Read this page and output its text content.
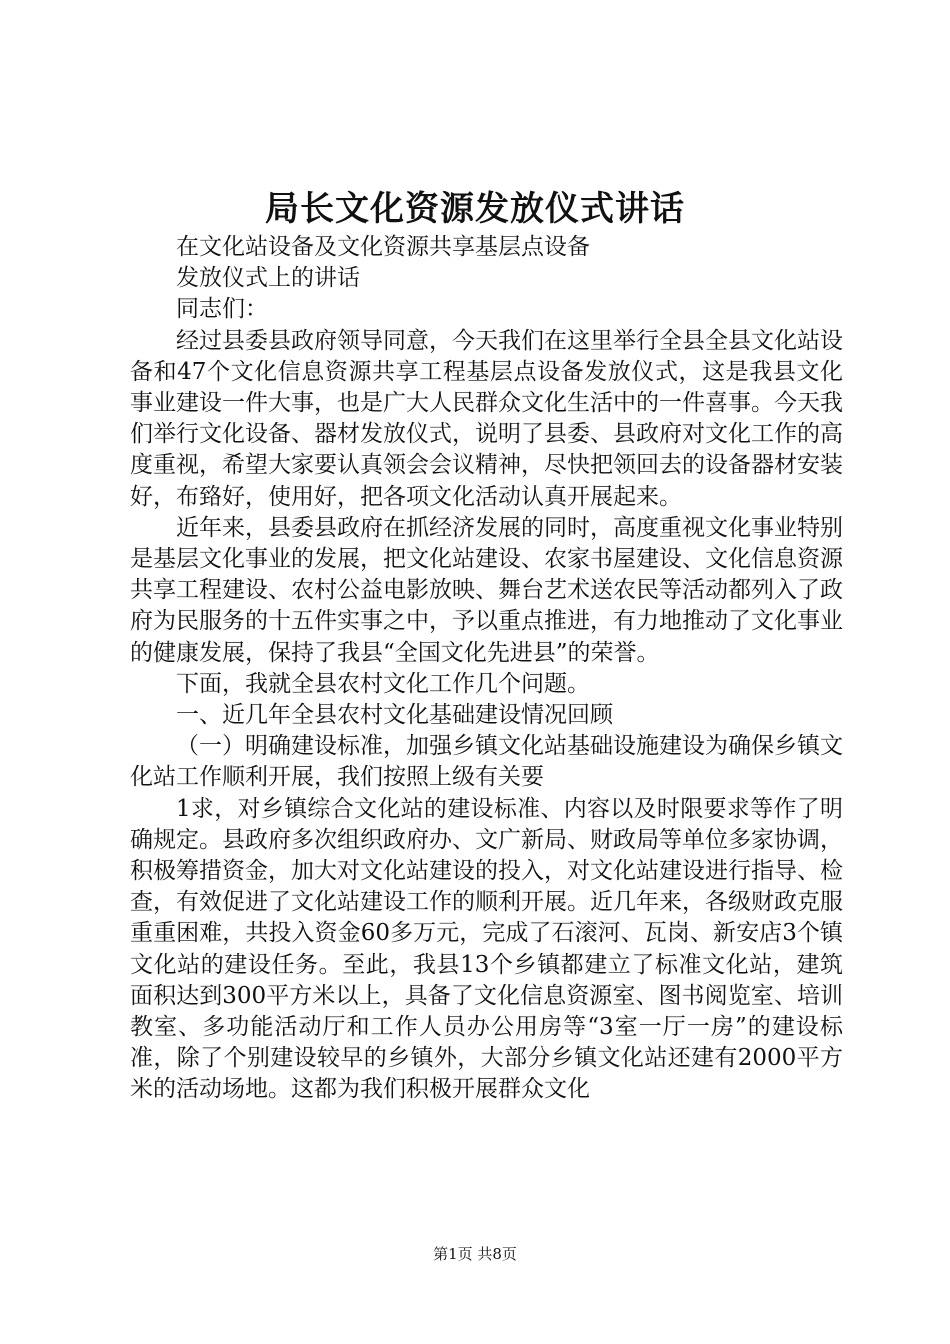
局长文化资源发放仪式讲话

在文化站设备及文化资源共享基层点设备

发放仪式上的讲话

同志们：

经过县委县政府领导同意，今天我们在这里举行全县全县文化站设备和47个文化信息资源共享工程基层点设备发放仪式，这是我县文化事业建设一件大事，也是广大人民群众文化生活中的一件喜事。今天我们举行文化设备、器材发放仪式，说明了县委、县政府对文化工作的高度重视，希望大家要认真领会会议精神，尽快把领回去的设备器材安装好，布臵好，使用好，把各项文化活动认真开展起来。

近年来，县委县政府在抓经济发展的同时，高度重视文化事业特别是基层文化事业的发展，把文化站建设、农家书屋建设、文化信息资源共享工程建设、农村公益电影放映、舞台艺术送农民等活动都列入了政府为民服务的十五件实事之中，予以重点推进，有力地推动了文化事业的健康发展，保持了我县“全国文化先进县”的荣誉。

下面，我就全县农村文化工作几个问题。

一、近几年全县农村文化基础建设情况回顾

（一）明确建设标准，加强乡镇文化站基础设施建设为确保乡镇文化站工作顺利开展，我们按照上级有关要

1求，对乡镇综合文化站的建设标准、内容以及时限要求等作了明确规定。县政府多次组织政府办、文广新局、财政局等单位多家协调，积极筹措资金，加大对文化站建设的投入，对文化站建设进行指导、检查，有效促进了文化站建设工作的顺利开展。近几年来，各级财政克服重重困难，共投入资金60多万元，完成了石滚河、瓦岗、新安店3个镇文化站的建设任务。至此，我县13个乡镇都建立了标准文化站，建筑面积达到300平方米以上，具备了文化信息资源室、图书阅览室、培训教室、多功能活动厅和工作人员办公用房等“3室一厅一房”的建设标准，除了个别建设较早的乡镇外，大部分乡镇文化站还建有2000平方米的活动场地。这都为我们积极开展群众文化

第1页 共8页
